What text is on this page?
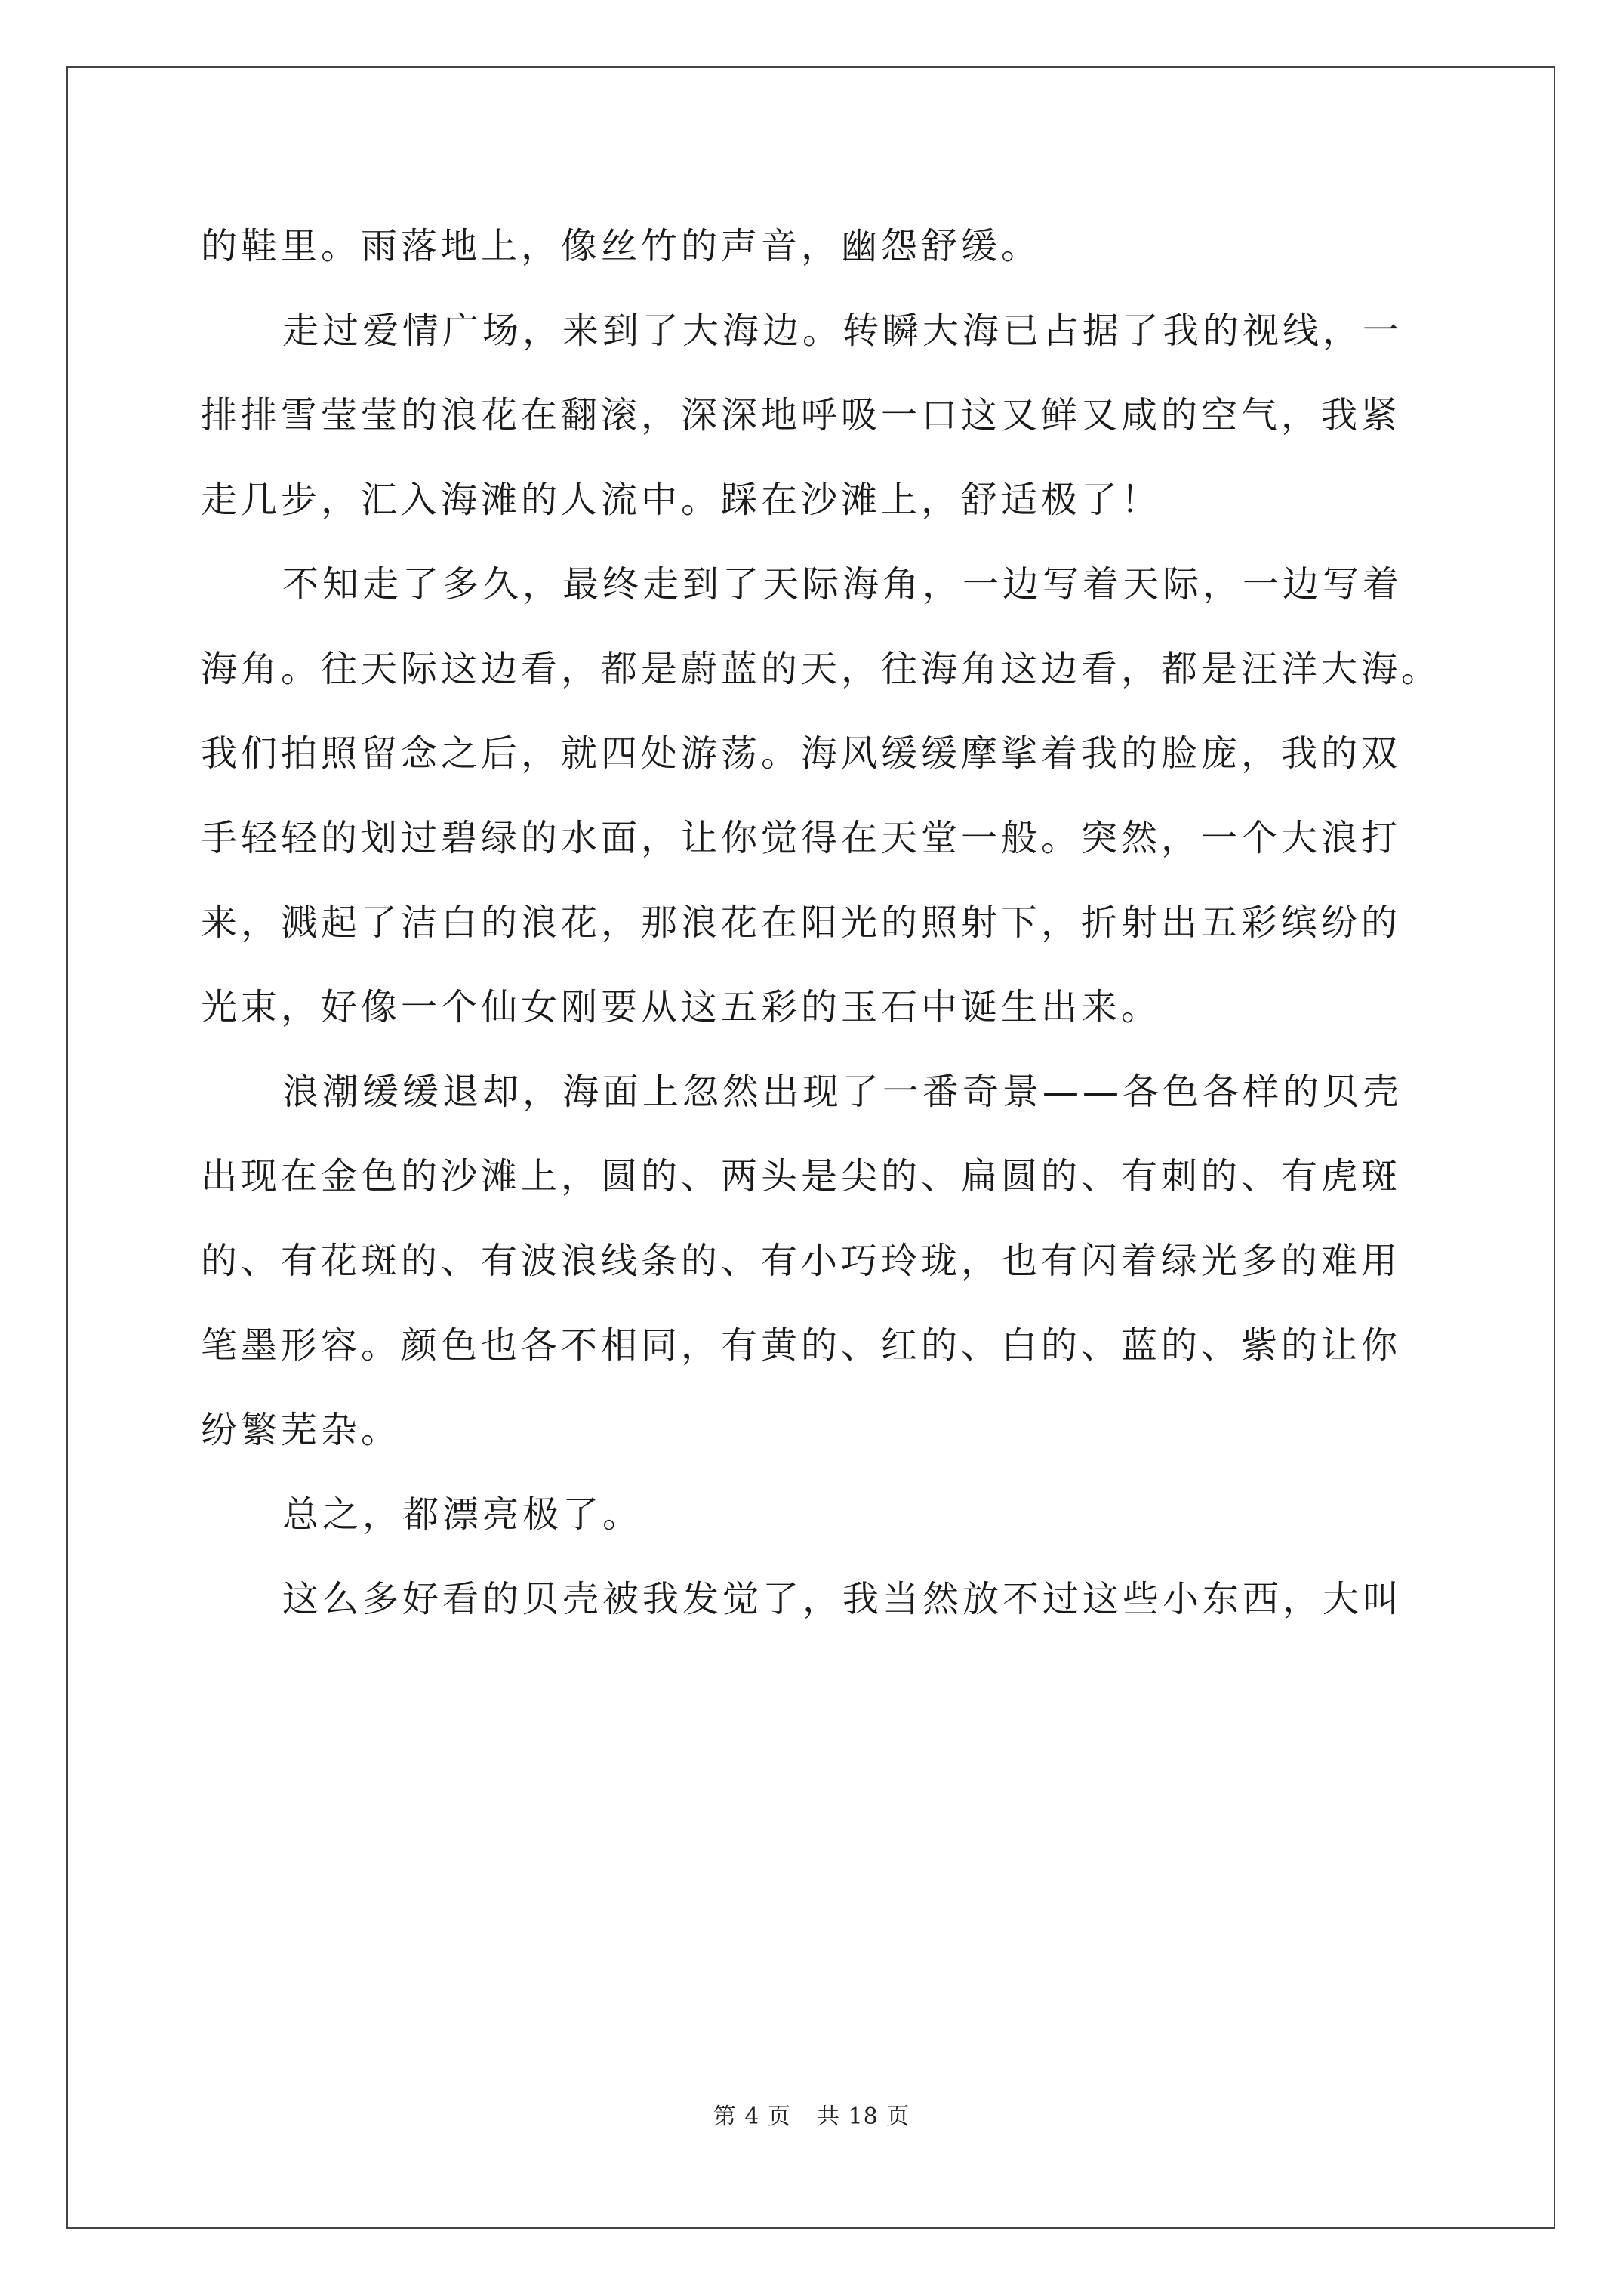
的鞋里。雨落地上，像丝竹的声音，幽怨舒缓。
走过爱情广场，来到了大海边。转瞬大海已占据了我的视线，一
排排雪莹莹的浪花在翻滚，深深地呼吸一口这又鲜又咸的空气，我紧
走几步，汇入海滩的人流中。踩在沙滩上，舒适极了！
不知走了多久，最终走到了天际海角，一边写着天际，一边写着
海角。往天际这边看，都是蔚蓝的天，往海角这边看，都是汪洋大海。
我们拍照留念之后，就四处游荡。海风缓缓摩挲着我的脸庞，我的双
手轻轻的划过碧绿的水面，让你觉得在天堂一般。突然，一个大浪打
来，溅起了洁白的浪花，那浪花在阳光的照射下，折射出五彩缤纷的
光束，好像一个仙女刚要从这五彩的玉石中诞生出来。
浪潮缓缓退却，海面上忽然出现了一番奇景——各色各样的贝壳
出现在金色的沙滩上，圆的、两头是尖的、扁圆的、有刺的、有虎斑
的、有花斑的、有波浪线条的、有小巧玲珑，也有闪着绿光多的难用
笔墨形容。颜色也各不相同，有黄的、红的、白的、蓝的、紫的让你
纷繁芜杂。
总之，都漂亮极了。
这么多好看的贝壳被我发觉了，我当然放不过这些小东西，大叫
第 4 页 共 18 页
